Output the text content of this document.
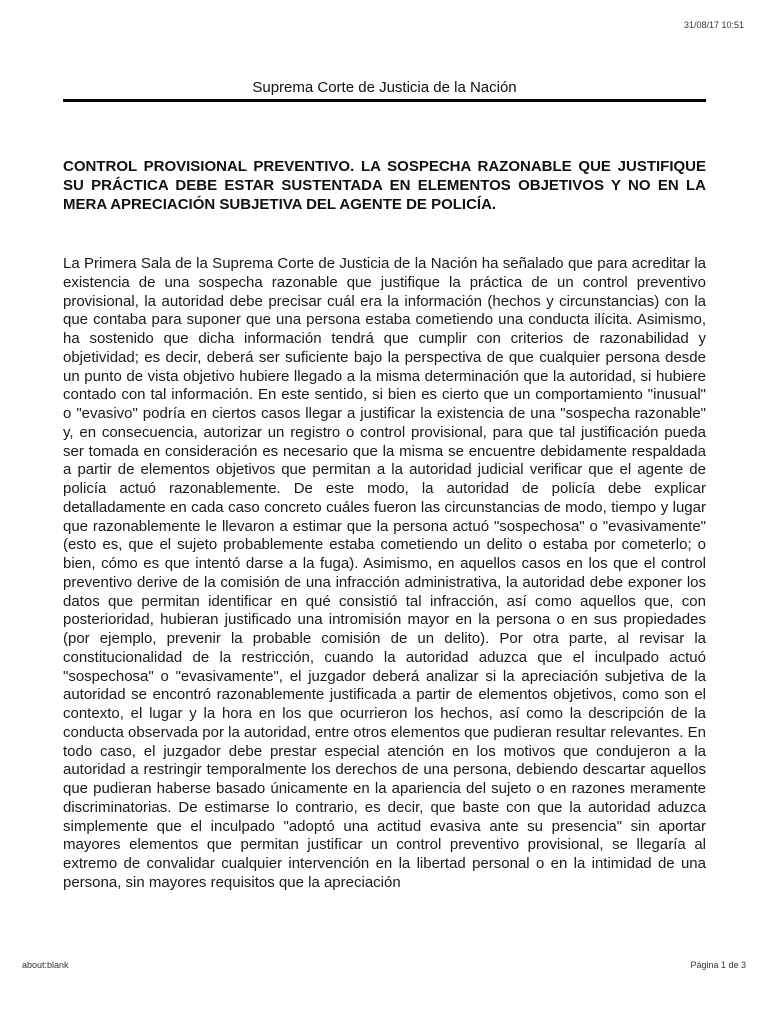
31/08/17 10:51
Suprema Corte de Justicia de la Nación
CONTROL PROVISIONAL PREVENTIVO. LA SOSPECHA RAZONABLE QUE JUSTIFIQUE SU PRÁCTICA DEBE ESTAR SUSTENTADA EN ELEMENTOS OBJETIVOS Y NO EN LA MERA APRECIACIÓN SUBJETIVA DEL AGENTE DE POLICÍA.

La Primera Sala de la Suprema Corte de Justicia de la Nación ha señalado que para acreditar la existencia de una sospecha razonable que justifique la práctica de un control preventivo provisional, la autoridad debe precisar cuál era la información (hechos y circunstancias) con la que contaba para suponer que una persona estaba cometiendo una conducta ilícita. Asimismo, ha sostenido que dicha información tendrá que cumplir con criterios de razonabilidad y objetividad; es decir, deberá ser suficiente bajo la perspectiva de que cualquier persona desde un punto de vista objetivo hubiere llegado a la misma determinación que la autoridad, si hubiere contado con tal información. En este sentido, si bien es cierto que un comportamiento "inusual" o "evasivo" podría en ciertos casos llegar a justificar la existencia de una "sospecha razonable" y, en consecuencia, autorizar un registro o control provisional, para que tal justificación pueda ser tomada en consideración es necesario que la misma se encuentre debidamente respaldada a partir de elementos objetivos que permitan a la autoridad judicial verificar que el agente de policía actuó razonablemente. De este modo, la autoridad de policía debe explicar detalladamente en cada caso concreto cuáles fueron las circunstancias de modo, tiempo y lugar que razonablemente le llevaron a estimar que la persona actuó "sospechosa" o "evasivamente" (esto es, que el sujeto probablemente estaba cometiendo un delito o estaba por cometerlo; o bien, cómo es que intentó darse a la fuga). Asimismo, en aquellos casos en los que el control preventivo derive de la comisión de una infracción administrativa, la autoridad debe exponer los datos que permitan identificar en qué consistió tal infracción, así como aquellos que, con posterioridad, hubieran justificado una intromisión mayor en la persona o en sus propiedades (por ejemplo, prevenir la probable comisión de un delito). Por otra parte, al revisar la constitucionalidad de la restricción, cuando la autoridad aduzca que el inculpado actuó "sospechosa" o "evasivamente", el juzgador deberá analizar si la apreciación subjetiva de la autoridad se encontró razonablemente justificada a partir de elementos objetivos, como son el contexto, el lugar y la hora en los que ocurrieron los hechos, así como la descripción de la conducta observada por la autoridad, entre otros elementos que pudieran resultar relevantes. En todo caso, el juzgador debe prestar especial atención en los motivos que condujeron a la autoridad a restringir temporalmente los derechos de una persona, debiendo descartar aquellos que pudieran haberse basado únicamente en la apariencia del sujeto o en razones meramente discriminatorias. De estimarse lo contrario, es decir, que baste con que la autoridad aduzca simplemente que el inculpado "adoptó una actitud evasiva ante su presencia" sin aportar mayores elementos que permitan justificar un control preventivo provisional, se llegaría al extremo de convalidar cualquier intervención en la libertad personal o en la intimidad de una persona, sin mayores requisitos que la apreciación

about:blank	Página 1 de 3
